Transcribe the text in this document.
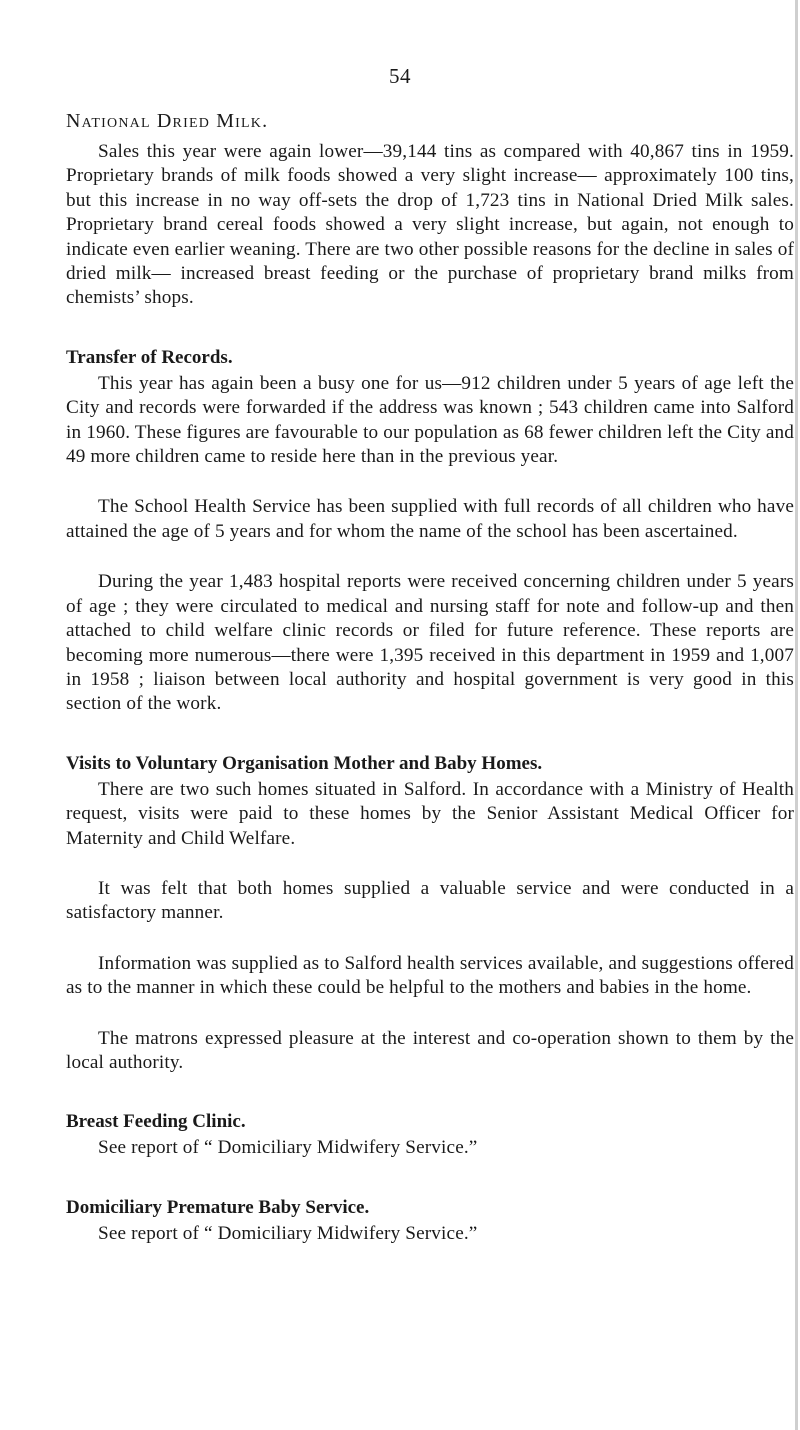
54
National Dried Milk.

Sales this year were again lower—39,144 tins as compared with 40,867 tins in 1959. Proprietary brands of milk foods showed a very slight increase— approximately 100 tins, but this increase in no way off-sets the drop of 1,723 tins in National Dried Milk sales. Proprietary brand cereal foods showed a very slight increase, but again, not enough to indicate even earlier weaning. There are two other possible reasons for the decline in sales of dried milk— increased breast feeding or the purchase of proprietary brand milks from chemists’ shops.

Transfer of Records.

This year has again been a busy one for us—912 children under 5 years of age left the City and records were forwarded if the address was known ; 543 children came into Salford in 1960. These figures are favourable to our population as 68 fewer children left the City and 49 more children came to reside here than in the previous year.

The School Health Service has been supplied with full records of all children who have attained the age of 5 years and for whom the name of the school has been ascertained.

During the year 1,483 hospital reports were received concerning children under 5 years of age ; they were circulated to medical and nursing staff for note and follow-up and then attached to child welfare clinic records or filed for future reference. These reports are becoming more numerous—there were 1,395 received in this department in 1959 and 1,007 in 1958 ; liaison between local authority and hospital government is very good in this section of the work.

Visits to Voluntary Organisation Mother and Baby Homes.

There are two such homes situated in Salford. In accordance with a Ministry of Health request, visits were paid to these homes by the Senior Assistant Medical Officer for Maternity and Child Welfare.

It was felt that both homes supplied a valuable service and were conducted in a satisfactory manner.

Information was supplied as to Salford health services available, and suggestions offered as to the manner in which these could be helpful to the mothers and babies in the home.

The matrons expressed pleasure at the interest and co-operation shown to them by the local authority.

Breast Feeding Clinic.

See report of “ Domiciliary Midwifery Service.”

Domiciliary Premature Baby Service.

See report of “ Domiciliary Midwifery Service.”
